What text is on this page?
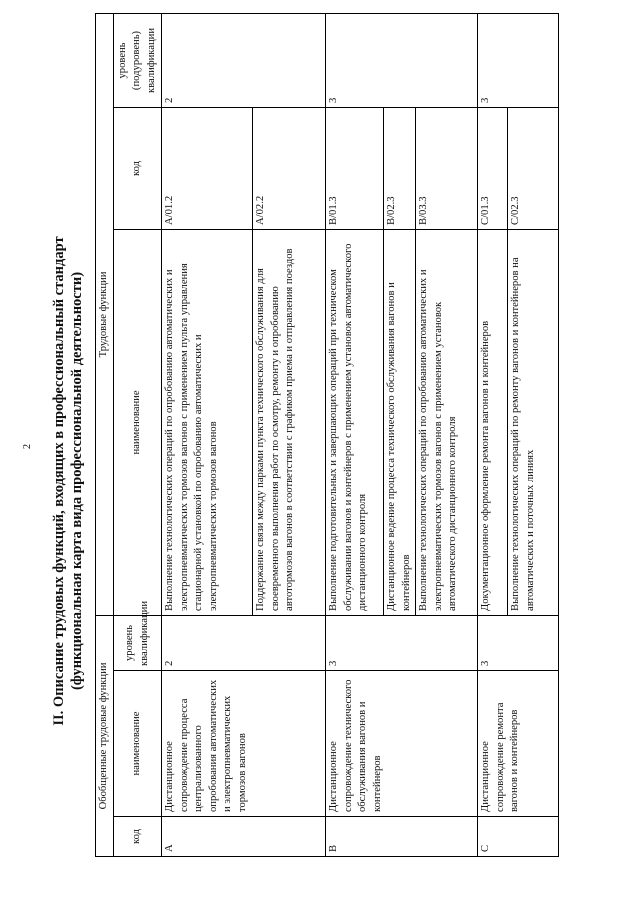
2 II. Описание трудовых функций, входящих в профессиональный стандарт (функциональная карта вида профессиональной деятельности)
Обобщенные трудовые функции			Трудовые функции		
код	наименование	уровень квалификации	наименование	код	уровень (подуровень) квалификации
А	Дистанционное сопровождение процесса централизованного опробования автоматических и электропневматических тормозов вагонов	2	Выполнение технологических операций по опробованию автоматических и электропневматических тормозов вагонов с применением пульта управления стационарной установкой по опробованию автоматических и электропневматических тормозов вагонов	А/01.2	2
			Поддержание связи между парками пункта технического обслуживания для своевременного выполнения работ по осмотру, ремонту и опробованию автотормозов вагонов в соответствии с графиком приема и отправления поездов	А/02.2	
В	Дистанционное сопровождение технического обслуживания вагонов и контейнеров	3	Выполнение подготовительных и завершающих операций при техническом обслуживании вагонов и контейнеров с применением установок автоматического дистанционного контроля	В/01.3	3
			Дистанционное ведение процесса технического обслуживания вагонов и контейнеров	В/02.3	
			Выполнение технологических операций по опробованию автоматических и электропневматических тормозов вагонов с применением установок автоматического дистанционного контроля	В/03.3	
С	Дистанционное сопровождение ремонта вагонов и контейнеров	3	Документационное оформление ремонта вагонов и контейнеров	С/01.3	3
			Выполнение технологических операций по ремонту вагонов и контейнеров на автоматических и поточных линиях	С/02.3	
